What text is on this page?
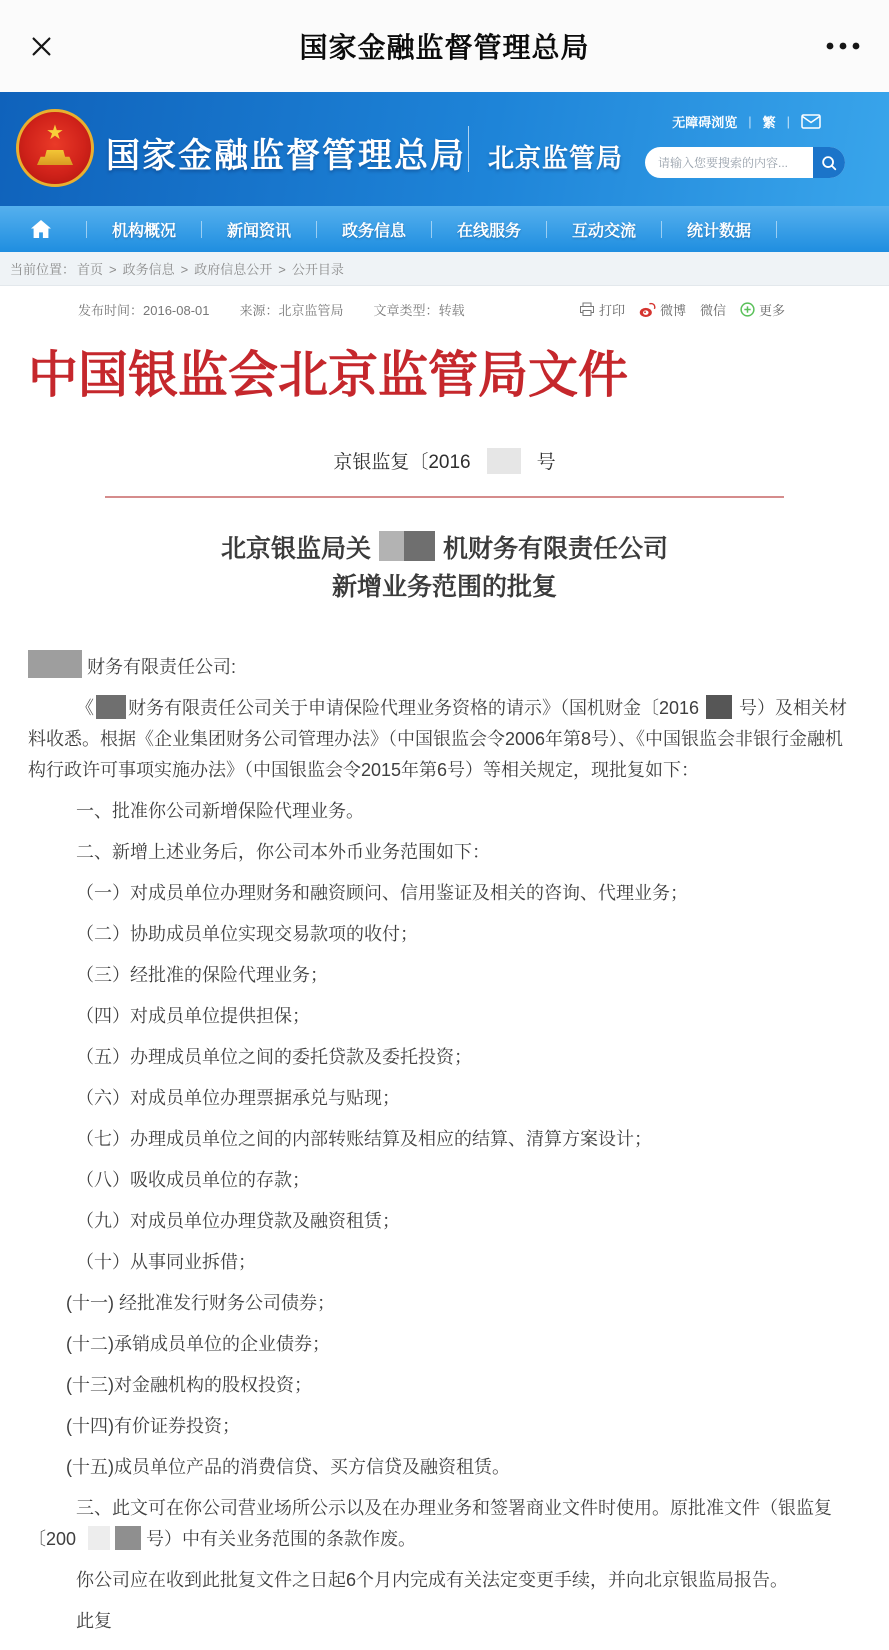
国家金融监督管理总局
★
国家金融监督管理总局 北京监管局
无障碍浏览 | 繁 |
请输入您要搜索的内容...
机构概况	新闻资讯	政务信息	在线服务	互动交流	统计数据
当前位置： 首页 > 政务信息 > 政府信息公开 > 公开目录
发布时间：2016-08-01 来源：北京监管局 文章类型：转载	打印	微博 微信	更多
中国银监会北京监管局文件
京银监复〔2016	号
北京银监局关	机财务有限责任公司
新增业务范围的批复

财务有限责任公司:

《 财务有限责任公司关于申请保险代理业务资格的请示》（国机财金〔2016 号）及相关材料收悉。根据《企业集团财务公司管理办法》（中国银监会令2006年第8号）、《中国银监会非银行金融机构行政许可事项实施办法》（中国银监会令2015年第6号）等相关规定，现批复如下：

一、批准你公司新增保险代理业务。

二、新增上述业务后，你公司本外币业务范围如下：

（一）对成员单位办理财务和融资顾问、信用鉴证及相关的咨询、代理业务；

（二）协助成员单位实现交易款项的收付；

（三）经批准的保险代理业务；

（四）对成员单位提供担保；

（五）办理成员单位之间的委托贷款及委托投资；

（六）对成员单位办理票据承兑与贴现；

（七）办理成员单位之间的内部转账结算及相应的结算、清算方案设计；

（八）吸收成员单位的存款；

（九）对成员单位办理贷款及融资租赁；

（十）从事同业拆借；

(十一) 经批准发行财务公司债券；

(十二)承销成员单位的企业债券；

(十三)对金融机构的股权投资；

(十四)有价证券投资；

(十五)成员单位产品的消费信贷、买方信贷及融资租赁。

三、此文可在你公司营业场所公示以及在办理业务和签署商业文件时使用。原批准文件（银监复〔200	号）中有关业务范围的条款作废。

你公司应在收到此批复文件之日起6个月内完成有关法定变更手续，并向北京银监局报告。

此复
